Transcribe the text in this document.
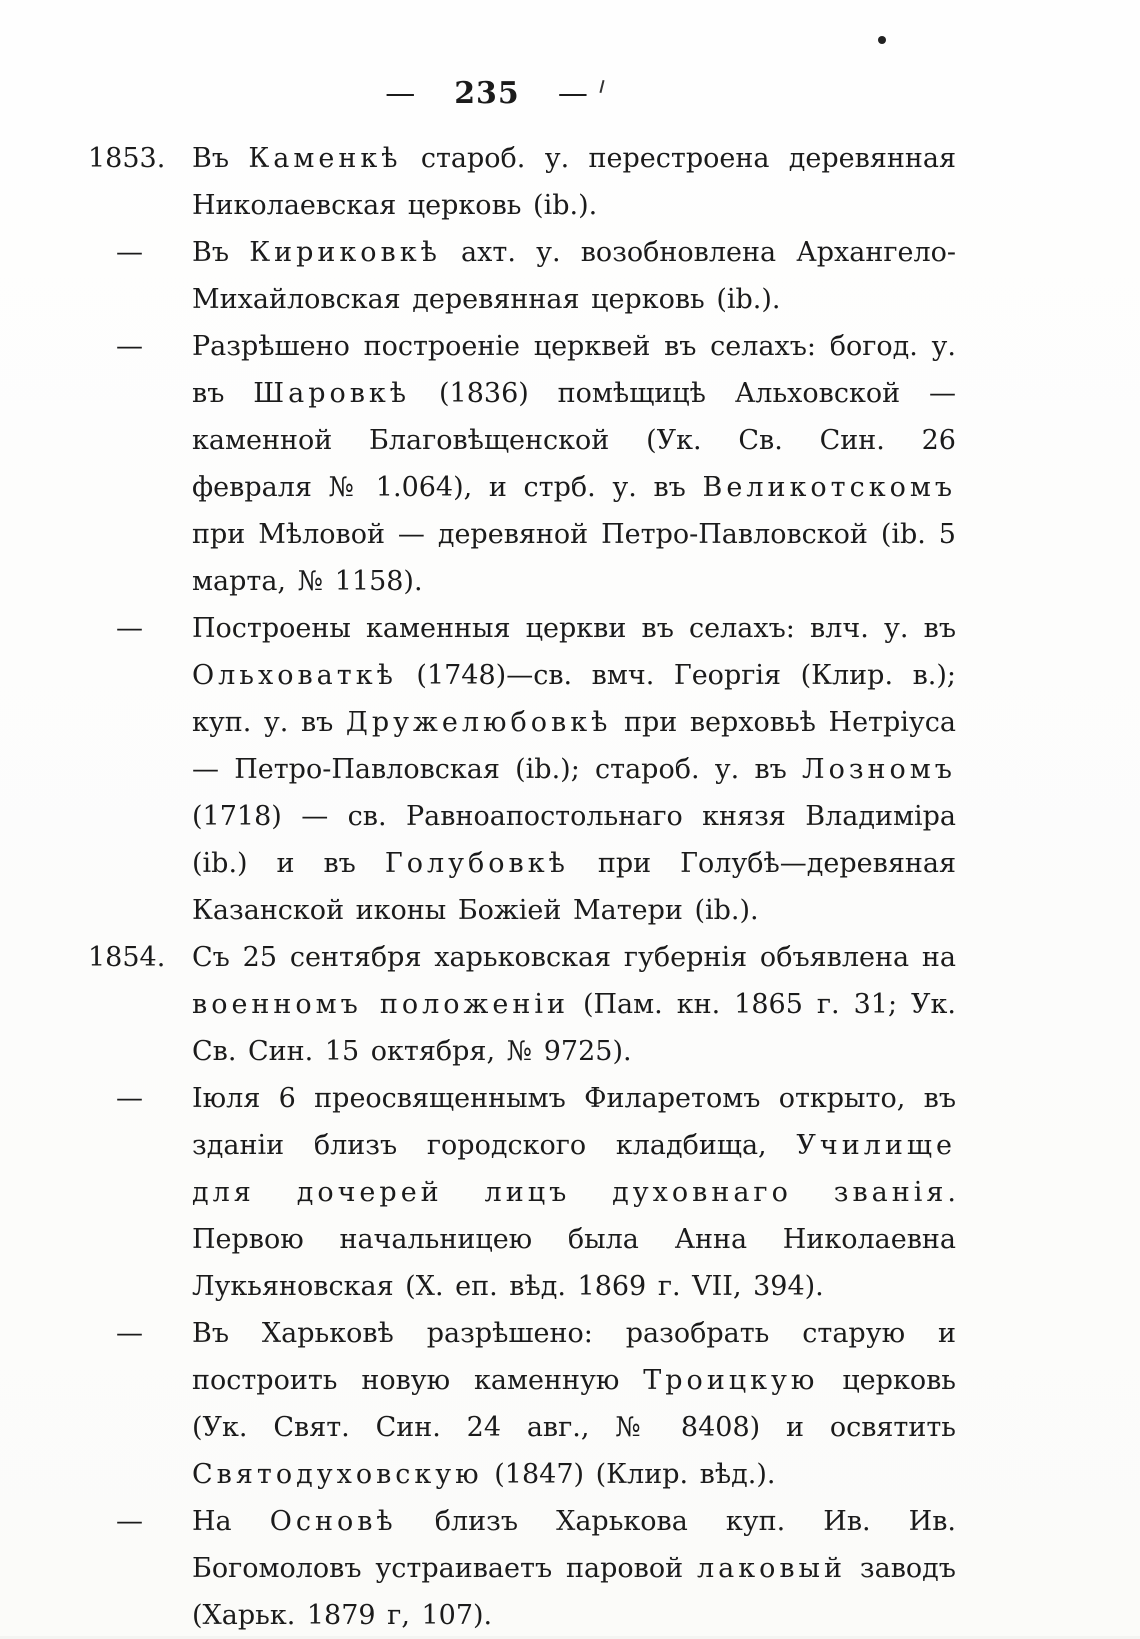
— 235 —
1853. Въ Каменкѣ староб. у. перестроена деревянная Николаевская церковь (ib.).
—	Въ Кириковкѣ ахт. у. возобновлена Архангело-Михайловская деревянная церковь (ib.).
—	Разрѣшено построеніе церквей въ селахъ: богод. у. въ Шаровкѣ (1836) помѣщицѣ Альховской — каменной Благовѣщенской (Ук. Св. Син. 26 февраля № 1.064), и стрб. у. въ Великотскомъ при Мѣловой — деревяной Петро-Павловской (ib. 5 марта, № 1158).
—	Построены каменныя церкви въ селахъ: влч. у. въ Ольховаткѣ (1748)—св. вмч. Георгія (Клир. в.); куп. у. въ Дружелюбовкѣ при верховьѣ Нетріуса — Петро-Павловская (ib.); староб. у. въ Лозномъ (1718) — св. Равноапостольнаго князя Владиміра (ib.) и въ Голубовкѣ при Голубѣ—деревяная Казанской иконы Божіей Матери (ib.).
1854. Съ 25 сентября харьковская губернія объявлена на военномъ положеніи (Пам. кн. 1865 г. 31; Ук. Св. Син. 15 октября, № 9725).
—	Іюля 6 преосвященнымъ Филаретомъ открыто, въ зданіи близъ городского кладбища, Училище для дочерей лицъ духовнаго званія. Первою начальницею была Анна Николаевна Лукьяновская (X. еп. вѣд. 1869 г. VII, 394).
—	Въ Харьковѣ разрѣшено: разобрать старую и построить новую каменную Троицкую церковь (Ук. Свят. Син. 24 авг., № 8408) и освятить Святодуховскую (1847) (Клир. вѣд.).
—	На Основѣ близъ Харькова куп. Ив. Ив. Богомоловъ устраиваетъ паровой лаковый заводъ (Харьк. 1879 г, 107).
